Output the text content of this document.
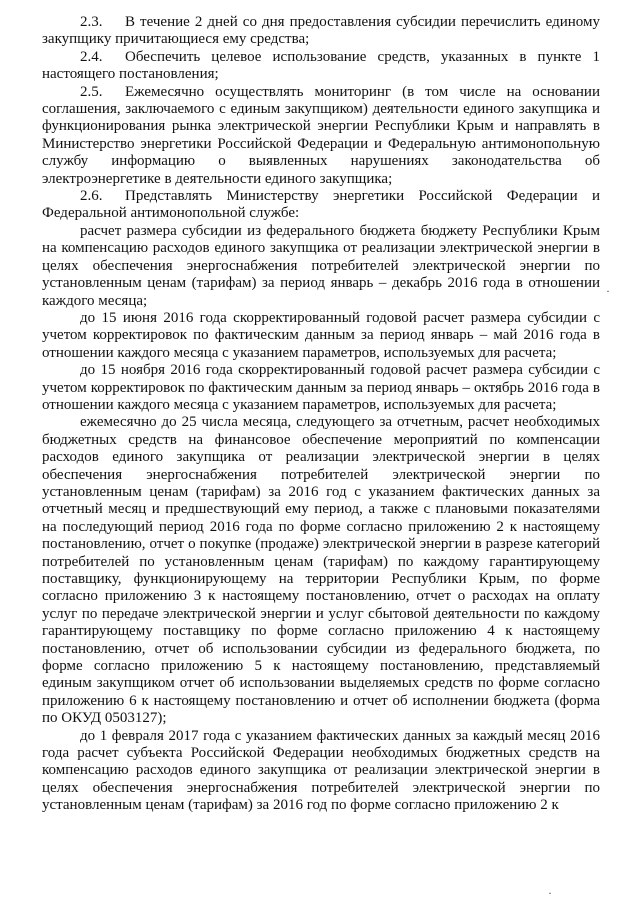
2.3. В течение 2 дней со дня предоставления субсидии перечислить единому закупщику причитающиеся ему средства;

2.4. Обеспечить целевое использование средств, указанных в пункте 1 настоящего постановления;

2.5. Ежемесячно осуществлять мониторинг (в том числе на основании соглашения, заключаемого с единым закупщиком) деятельности единого закупщика и функционирования рынка электрической энергии Республики Крым и направлять в Министерство энергетики Российской Федерации и Федеральную антимонопольную службу информацию о выявленных нарушениях законодательства об электроэнергетике в деятельности единого закупщика;

2.6. Представлять Министерству энергетики Российской Федерации и Федеральной антимонопольной службе:

расчет размера субсидии из федерального бюджета бюджету Республики Крым на компенсацию расходов единого закупщика от реализации электрической энергии в целях обеспечения энергоснабжения потребителей электрической энергии по установленным ценам (тарифам) за период январь – декабрь 2016 года в отношении каждого месяца;

до 15 июня 2016 года скорректированный годовой расчет размера субсидии с учетом корректировок по фактическим данным за период январь – май 2016 года в отношении каждого месяца с указанием параметров, используемых для расчета;

до 15 ноября 2016 года скорректированный годовой расчет размера субсидии с учетом корректировок по фактическим данным за период январь – октябрь 2016 года в отношении каждого месяца с указанием параметров, используемых для расчета;

ежемесячно до 25 числа месяца, следующего за отчетным, расчет необходимых бюджетных средств на финансовое обеспечение мероприятий по компенсации расходов единого закупщика от реализации электрической энергии в целях обеспечения энергоснабжения потребителей электрической энергии по установленным ценам (тарифам) за 2016 год с указанием фактических данных за отчетный месяц и предшествующий ему период, а также с плановыми показателями на последующий период 2016 года по форме согласно приложению 2 к настоящему постановлению, отчет о покупке (продаже) электрической энергии в разрезе категорий потребителей по установленным ценам (тарифам) по каждому гарантирующему поставщику, функционирующему на территории Республики Крым, по форме согласно приложению 3 к настоящему постановлению, отчет о расходах на оплату услуг по передаче электрической энергии и услуг сбытовой деятельности по каждому гарантирующему поставщику по форме согласно приложению 4 к настоящему постановлению, отчет об использовании субсидии из федерального бюджета, по форме согласно приложению 5 к настоящему постановлению, представляемый единым закупщиком отчет об использовании выделяемых средств по форме согласно приложению 6 к настоящему постановлению и отчет об исполнении бюджета (форма по ОКУД 0503127);

до 1 февраля 2017 года с указанием фактических данных за каждый месяц 2016 года расчет субъекта Российской Федерации необходимых бюджетных средств на компенсацию расходов единого закупщика от реализации электрической энергии в целях обеспечения энергоснабжения потребителей электрической энергии по установленным ценам (тарифам) за 2016 год по форме согласно приложению 2 к

·
·
